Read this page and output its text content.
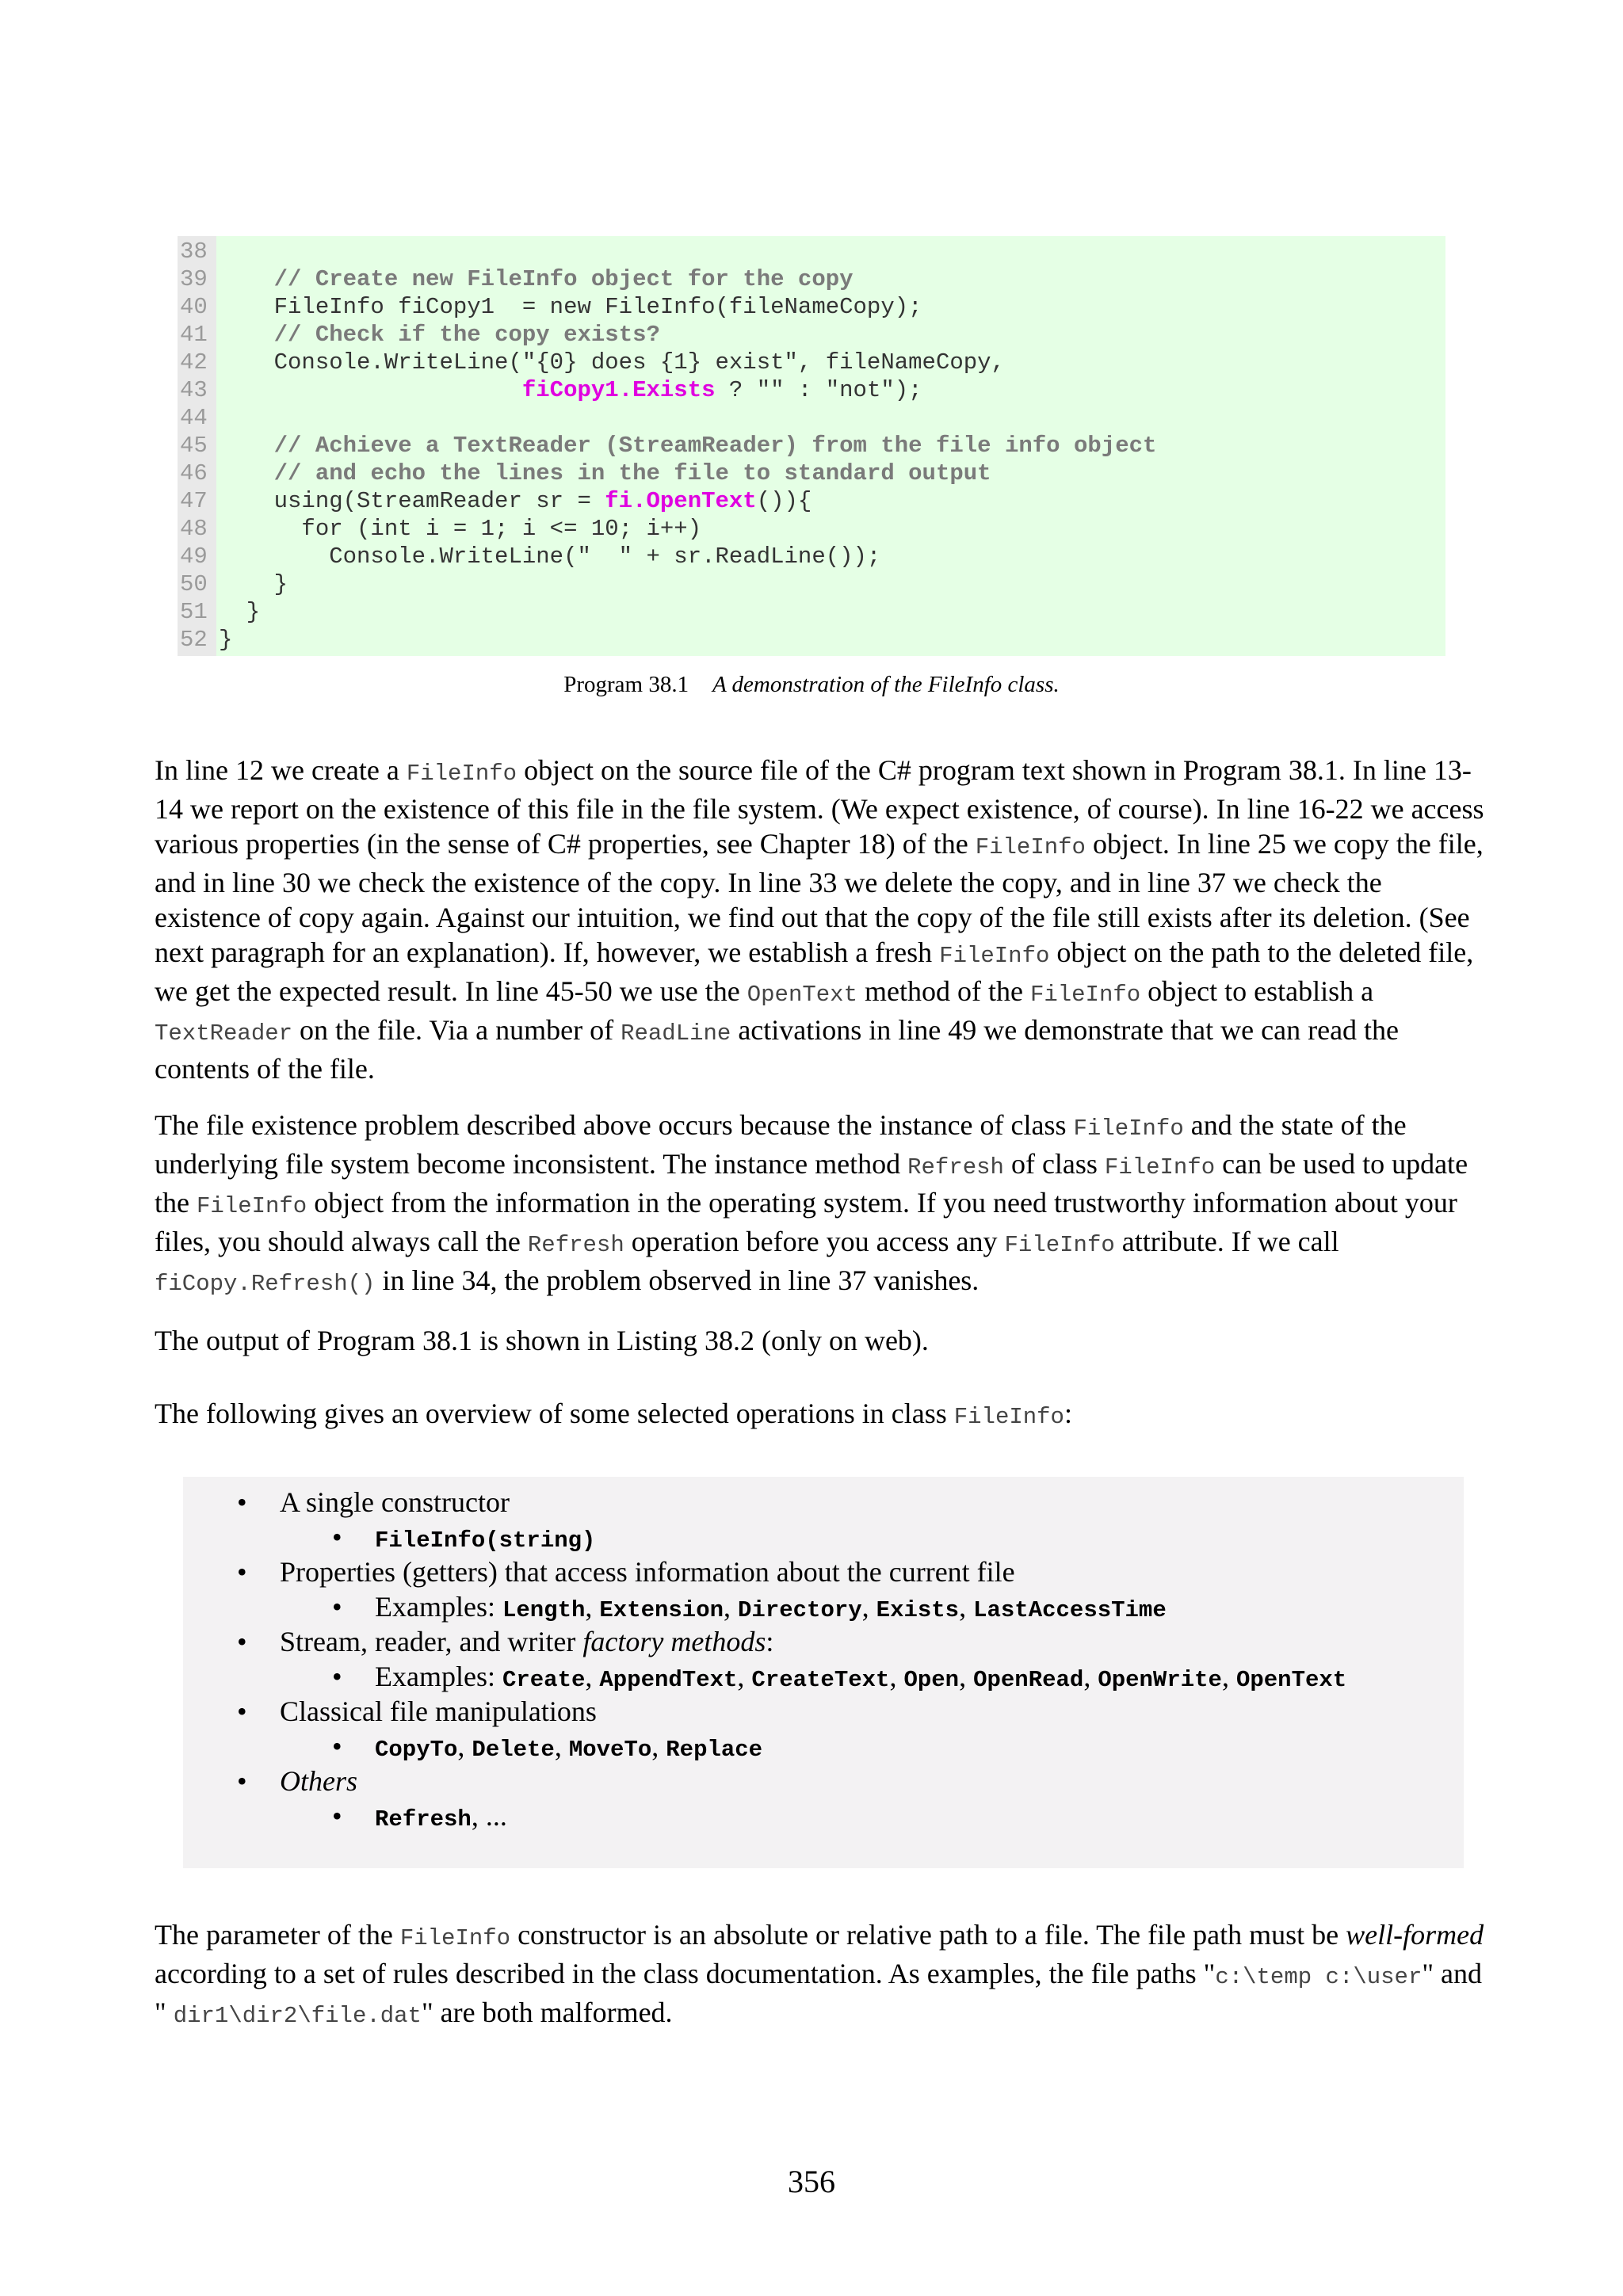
38
39	// Create new FileInfo object for the copy
40 FileInfo fiCopy1  = new FileInfo(fileNameCopy);
41	// Check if the copy exists?
42 Console.WriteLine("{0} does {1} exist", fileNameCopy,
43	fiCopy1.Exists ? "" : "not");
44
45	// Achieve a TextReader (StreamReader) from the file info object
46	// and echo the lines in the file to standard output
47 using(StreamReader sr = fi.OpenText()){
48 for (int i = 1; i <= 10; i++)
49 Console.WriteLine("  " + sr.ReadLine());
50 }
51 }
52 }
Program 38.1 A demonstration of the FileInfo class.
In line 12 we create a FileInfo object on the source file of the C# program text shown in Program 38.1. In line 13-14 we report on the existence of this file in the file system. (We expect existence, of course). In line 16-22 we access various properties (in the sense of C# properties, see Chapter 18) of the FileInfo object. In line 25 we copy the file, and in line 30 we check the existence of the copy. In line 33 we delete the copy, and in line 37 we check the existence of copy again. Against our intuition, we find out that the copy of the file still exists after its deletion. (See next paragraph for an explanation). If, however, we establish a fresh FileInfo object on the path to the deleted file, we get the expected result. In line 45-50 we use the OpenText method of the FileInfo object to establish a TextReader on the file. Via a number of ReadLine activations in line 49 we demonstrate that we can read the contents of the file.
The file existence problem described above occurs because the instance of class FileInfo and the state of the underlying file system become inconsistent. The instance method Refresh of class FileInfo can be used to update the FileInfo object from the information in the operating system. If you need trustworthy information about your files, you should always call the Refresh operation before you access any FileInfo attribute. If we call fiCopy.Refresh() in line 34, the problem observed in line 37 vanishes.
The output of Program 38.1 is shown in Listing 38.2 (only on web).
The following gives an overview of some selected operations in class FileInfo:
The parameter of the FileInfo constructor is an absolute or relative path to a file. The file path must be well-formed according to a set of rules described in the class documentation. As examples, the file paths "c:\temp c:\user" and " dir1\dir2\file.dat" are both malformed.
•	A single constructor
•	FileInfo(string)
•	Properties (getters) that access information about the current file
•	Examples: Length, Extension, Directory, Exists, LastAccessTime
•	Stream, reader, and writer factory methods:
•	Examples: Create, AppendText, CreateText, Open, OpenRead, OpenWrite, OpenText
•	Classical file manipulations
•	CopyTo, Delete, MoveTo, Replace
•	Others
•	Refresh, ...
356
